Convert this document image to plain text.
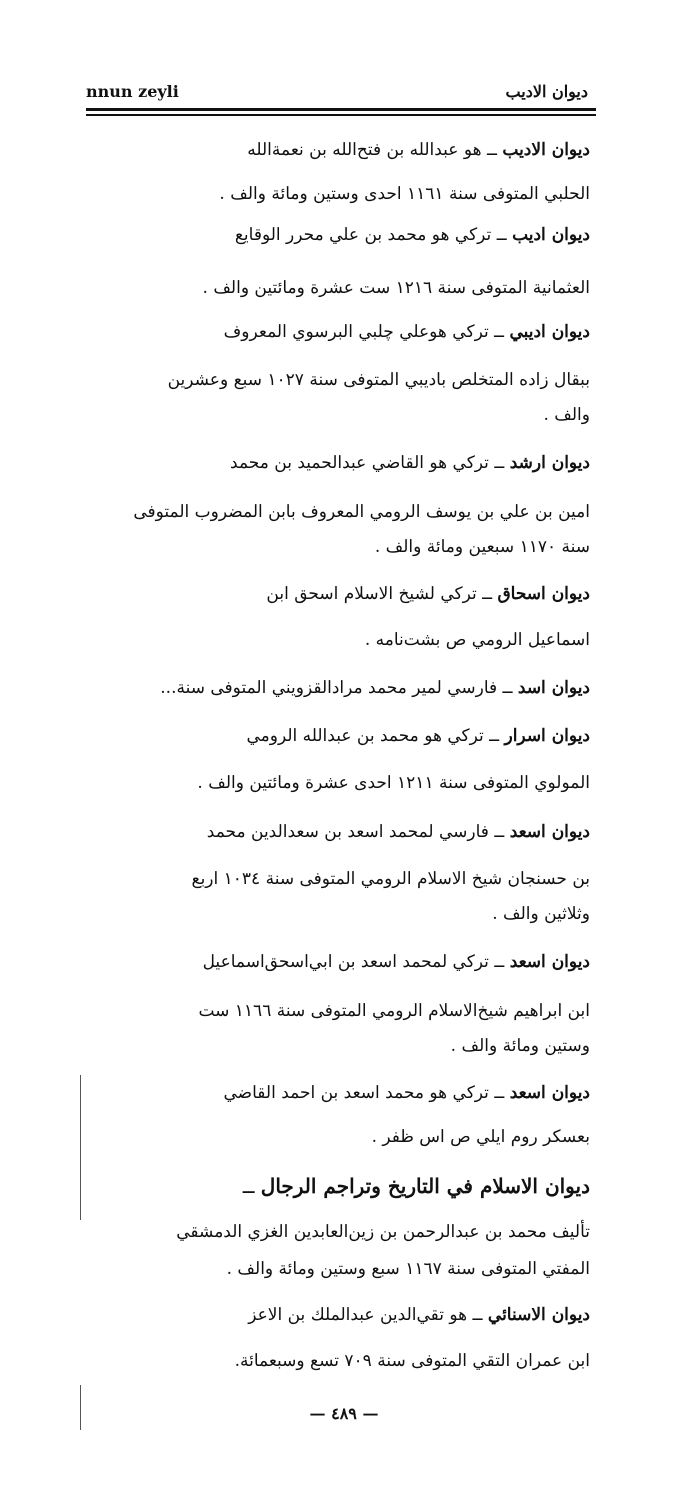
nnun zeyli	ديوان الاديب
ديوان الاديب ــ هو عبدالله بن فتح‌الله بن نعمةالله
الحلبي المتوفى سنة ١١٦١ احدى وستين ومائة والف .
ديوان اديب ــ تركي هو محمد بن علي محرر الوقايع
العثمانية المتوفى سنة ١٢١٦ ست عشرة ومائتين والف .
ديوان اديبي ــ تركي هوعلي چلبي البرسوي المعروف
ببقال زاده المتخلص باديبي المتوفى سنة ١٠٢٧ سبع وعشرين
والف .
ديوان ارشد ــ تركي هو القاضي عبدالحميد بن محمد
امين بن علي بن يوسف الرومي المعروف بابن المضروب المتوفى
سنة ١١٧٠ سبعين ومائة والف .
ديوان اسحاق ــ تركي لشيخ الاسلام اسحق ابن
اسماعيل الرومي ص بشت‌نامه .
ديوان اسد ــ فارسي لمير محمد مرادالقزويني المتوفى سنة...
ديوان اسرار ــ تركي هو محمد بن عبدالله الرومي
المولوي المتوفى سنة ١٢١١ احدى عشرة ومائتين والف .
ديوان اسعد ــ فارسي لمحمد اسعد بن سعدالدين محمد
بن حسنجان شيخ الاسلام الرومي المتوفى سنة ١٠٣٤ اربع
وثلاثين والف .
ديوان اسعد ــ تركي لمحمد اسعد بن ابي‌اسحق‌اسماعيل
ابن ابراهيم شيخ‌الاسلام الرومي المتوفى سنة ١١٦٦ ست
وستين ومائة والف .
ديوان اسعد ــ تركي هو محمد اسعد بن احمد القاضي
بعسكر روم ايلي ص اس ظفر .
ديوان الاسلام في التاريخ وتراجم الرجال ــ
تأليف محمد بن عبدالرحمن بن زين‌العابدين الغزي الدمشقي
المفتي المتوفى سنة ١١٦٧ سبع وستين ومائة والف .
ديوان الاسنائي ــ هو تقي‌الدين عبدالملك بن الاعز
ابن عمران التقي المتوفى سنة ٧٠٩ تسع وسبعمائة.
— ٤٨٩ —
